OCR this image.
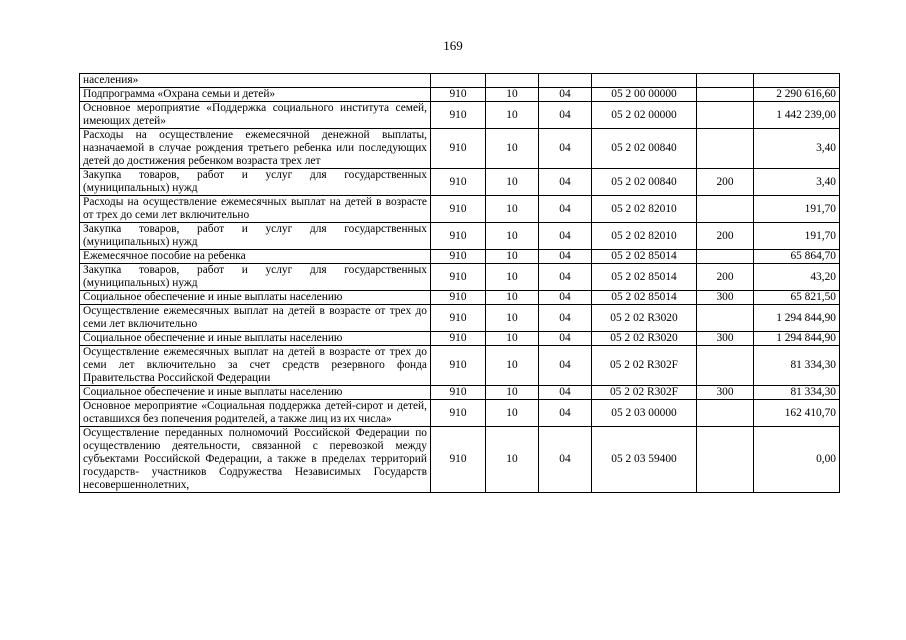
169
населения»						
Подпрограмма «Охрана семьи и детей»	910	10	04	05 2 00 00000		2 290 616,60
Основное мероприятие «Поддержка социального института семей, имеющих детей»	910	10	04	05 2 02 00000		1 442 239,00
Расходы на осуществление ежемесячной денежной выплаты, назначаемой в случае рождения третьего ребенка или последующих детей до достижения ребенком возраста трех лет	910	10	04	05 2 02 00840		3,40
Закупка товаров, работ и услуг для государственных (муниципальных) нужд	910	10	04	05 2 02 00840	200	3,40
Расходы на осуществление ежемесячных выплат на детей в возрасте от трех до семи лет включительно	910	10	04	05 2 02 82010		191,70
Закупка товаров, работ и услуг для государственных (муниципальных) нужд	910	10	04	05 2 02 82010	200	191,70
Ежемесячное пособие на ребенка	910	10	04	05 2 02 85014		65 864,70
Закупка товаров, работ и услуг для государственных (муниципальных) нужд	910	10	04	05 2 02 85014	200	43,20
Социальное обеспечение и иные выплаты населению	910	10	04	05 2 02 85014	300	65 821,50
Осуществление ежемесячных выплат на детей в возрасте от трех до семи лет включительно	910	10	04	05 2 02 R3020		1 294 844,90
Социальное обеспечение и иные выплаты населению	910	10	04	05 2 02 R3020	300	1 294 844,90
Осуществление ежемесячных выплат на детей в возрасте от трех до семи лет включительно за счет средств резервного фонда Правительства Российской Федерации	910	10	04	05 2 02 R302F		81 334,30
Социальное обеспечение и иные выплаты населению	910	10	04	05 2 02 R302F	300	81 334,30
Основное мероприятие «Социальная поддержка детей-сирот и детей, оставшихся без попечения родителей, а также лиц из их числа»	910	10	04	05 2 03 00000		162 410,70
Осуществление переданных полномочий Российской Федерации по осуществлению деятельности, связанной с перевозкой между субъектами Российской Федерации, а также в пределах территорий государств- участников Содружества Независимых Государств несовершеннолетних,	910	10	04	05 2 03 59400		0,00
